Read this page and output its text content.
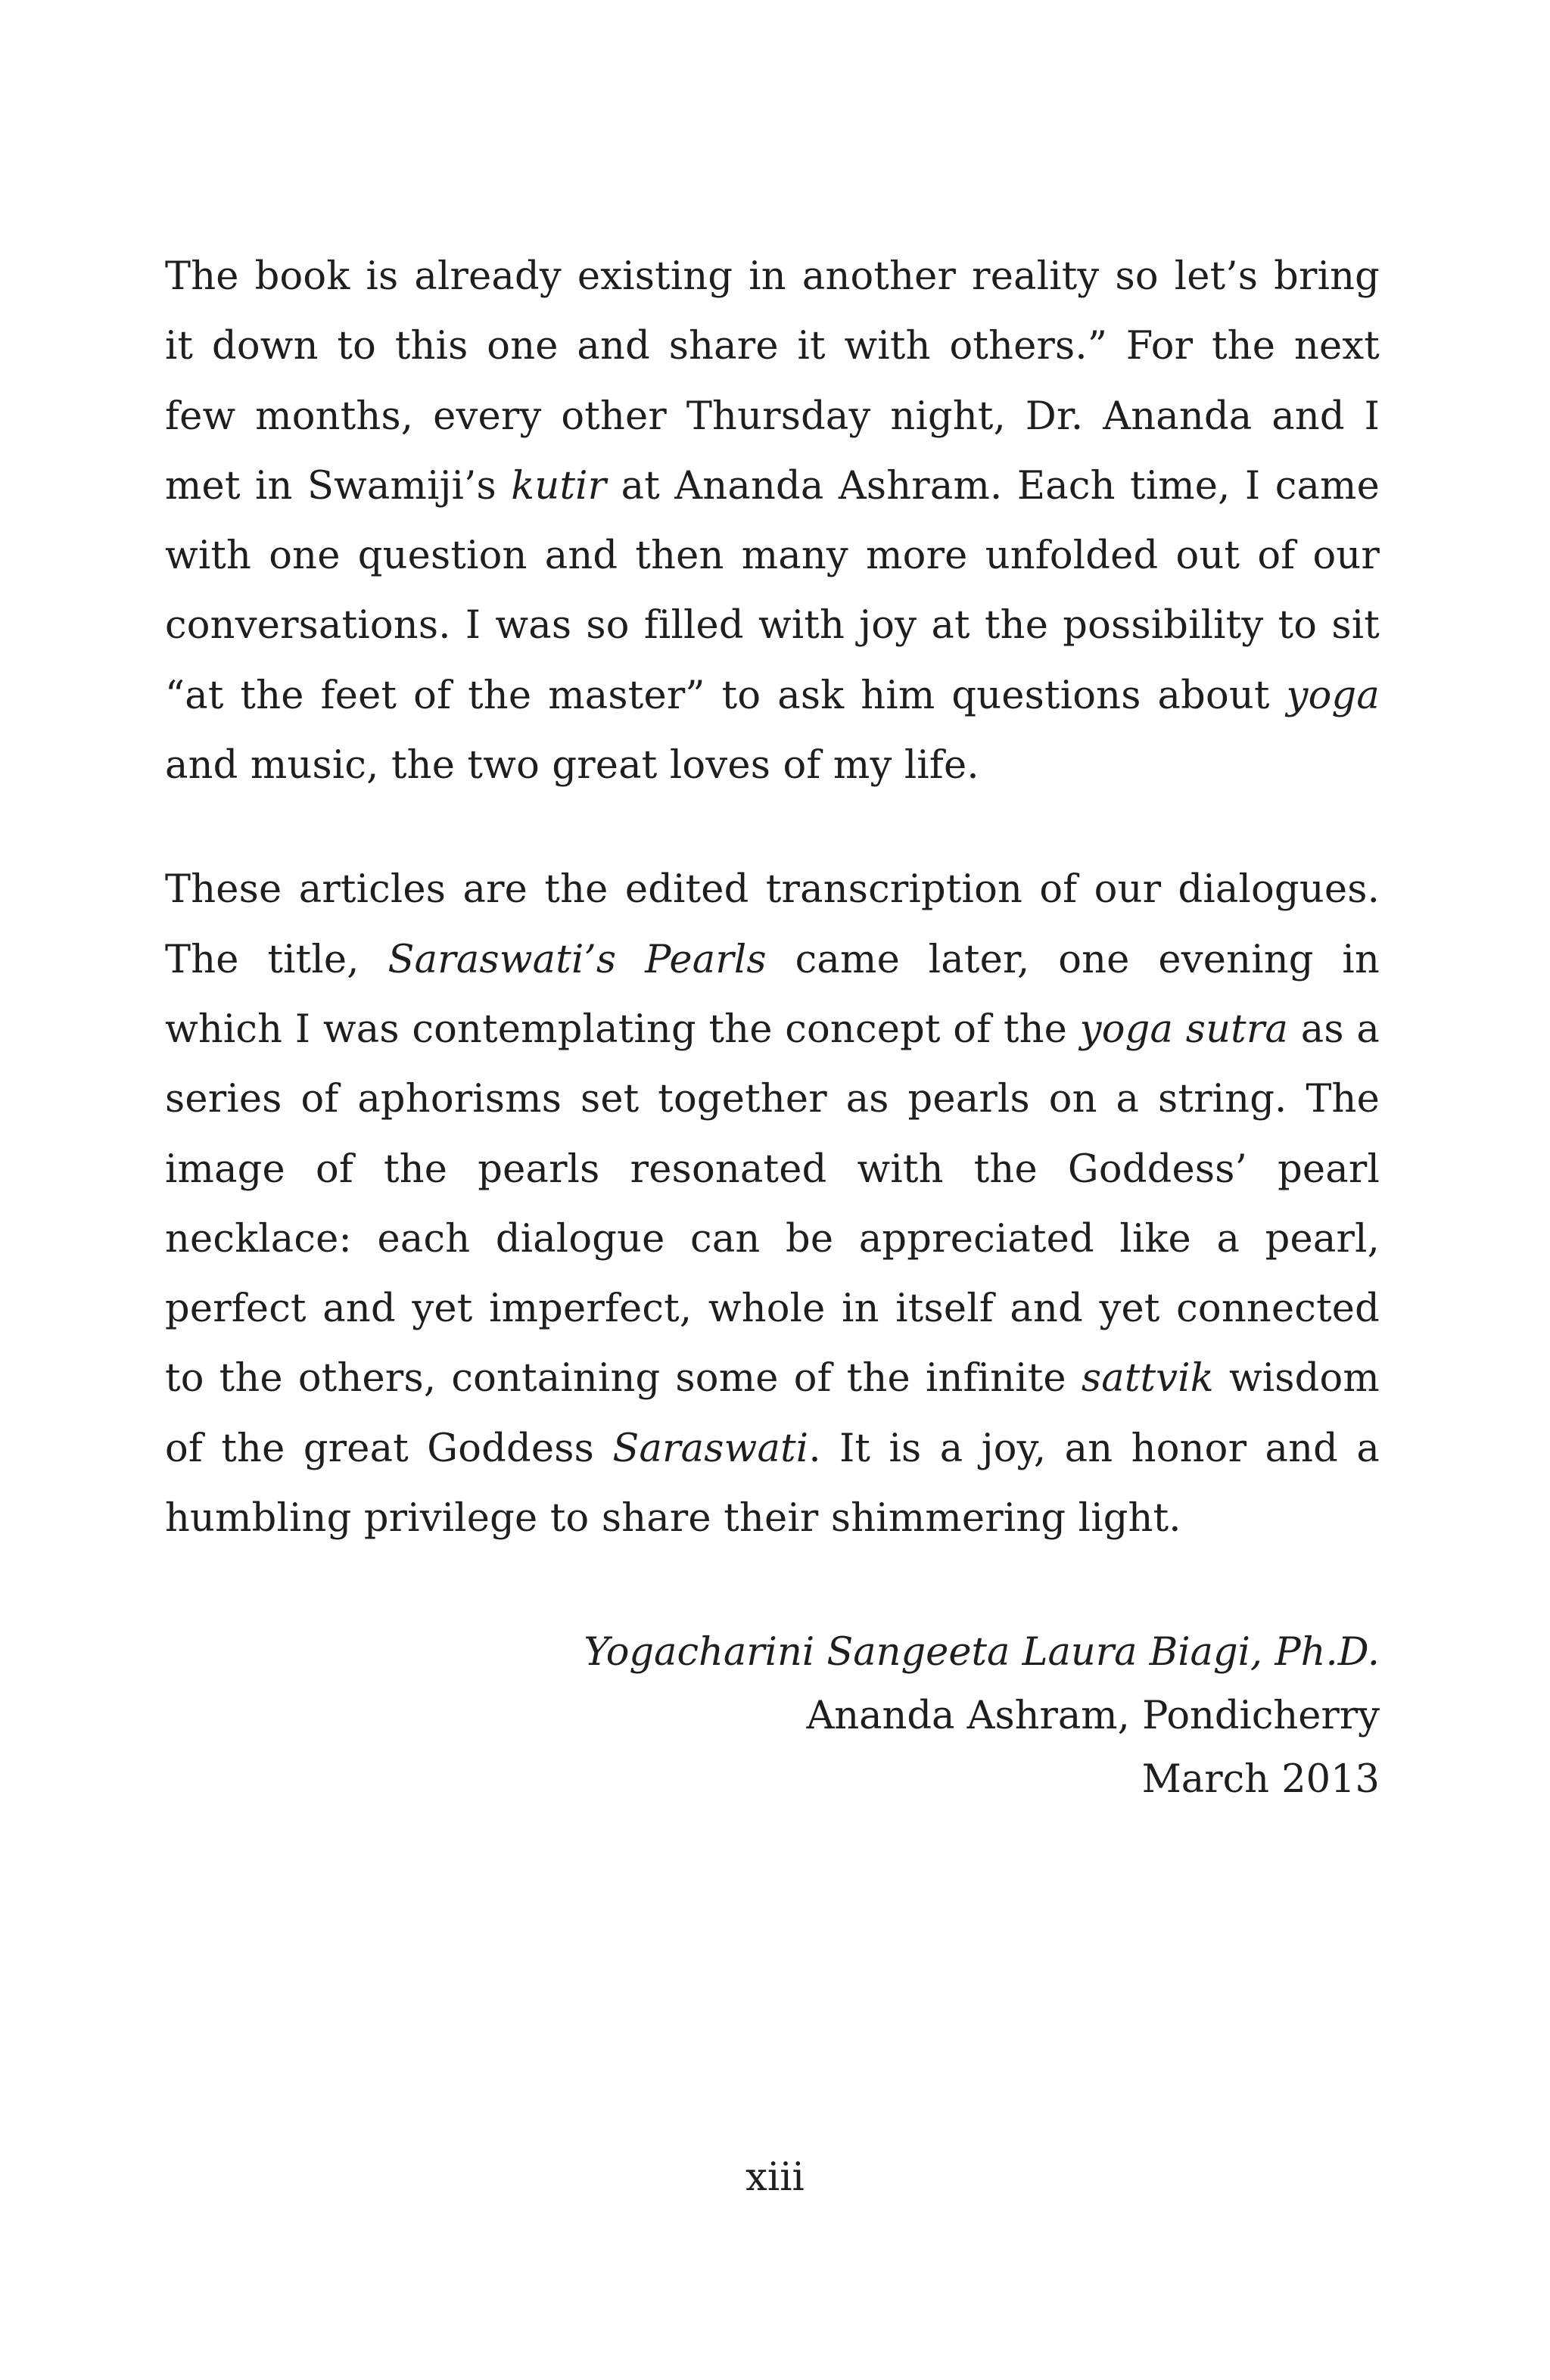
The book is already existing in another reality so let’s bring it down to this one and share it with others.” For the next few months, every other Thursday night, Dr. Ananda and I met in Swamiji’s kutir at Ananda Ashram. Each time, I came with one question and then many more unfolded out of our conversations. I was so filled with joy at the possibility to sit “at the feet of the master” to ask him questions about yoga and music, the two great loves of my life.

These articles are the edited transcription of our dialogues. The title, Saraswati’s Pearls came later, one evening in which I was contemplating the concept of the yoga sutra as a series of aphorisms set together as pearls on a string. The image of the pearls resonated with the Goddess’ pearl necklace: each dialogue can be appreciated like a pearl, perfect and yet imperfect, whole in itself and yet connected to the others, containing some of the infinite sattvik wisdom of the great Goddess Saraswati. It is a joy, an honor and a humbling privilege to share their shimmering light.

Yogacharini Sangeeta Laura Biagi, Ph.D.
Ananda Ashram, Pondicherry
March 2013
xiii
